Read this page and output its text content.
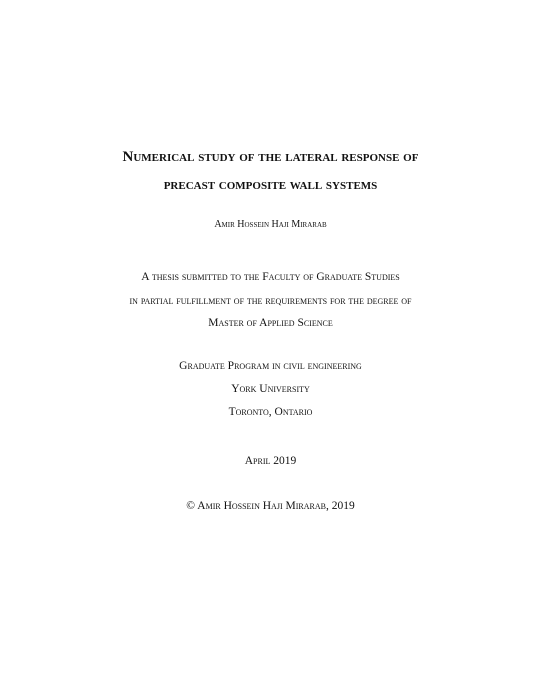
Numerical study of the lateral response of
precast composite wall systems
Amir Hossein Haji Mirarab
A thesis submitted to the Faculty of Graduate Studies
in partial fulfillment of the requirements for the degree of
Master of Applied Science
Graduate Program in civil engineering
York University
Toronto, Ontario
April 2019
© Amir Hossein Haji Mirarab, 2019
